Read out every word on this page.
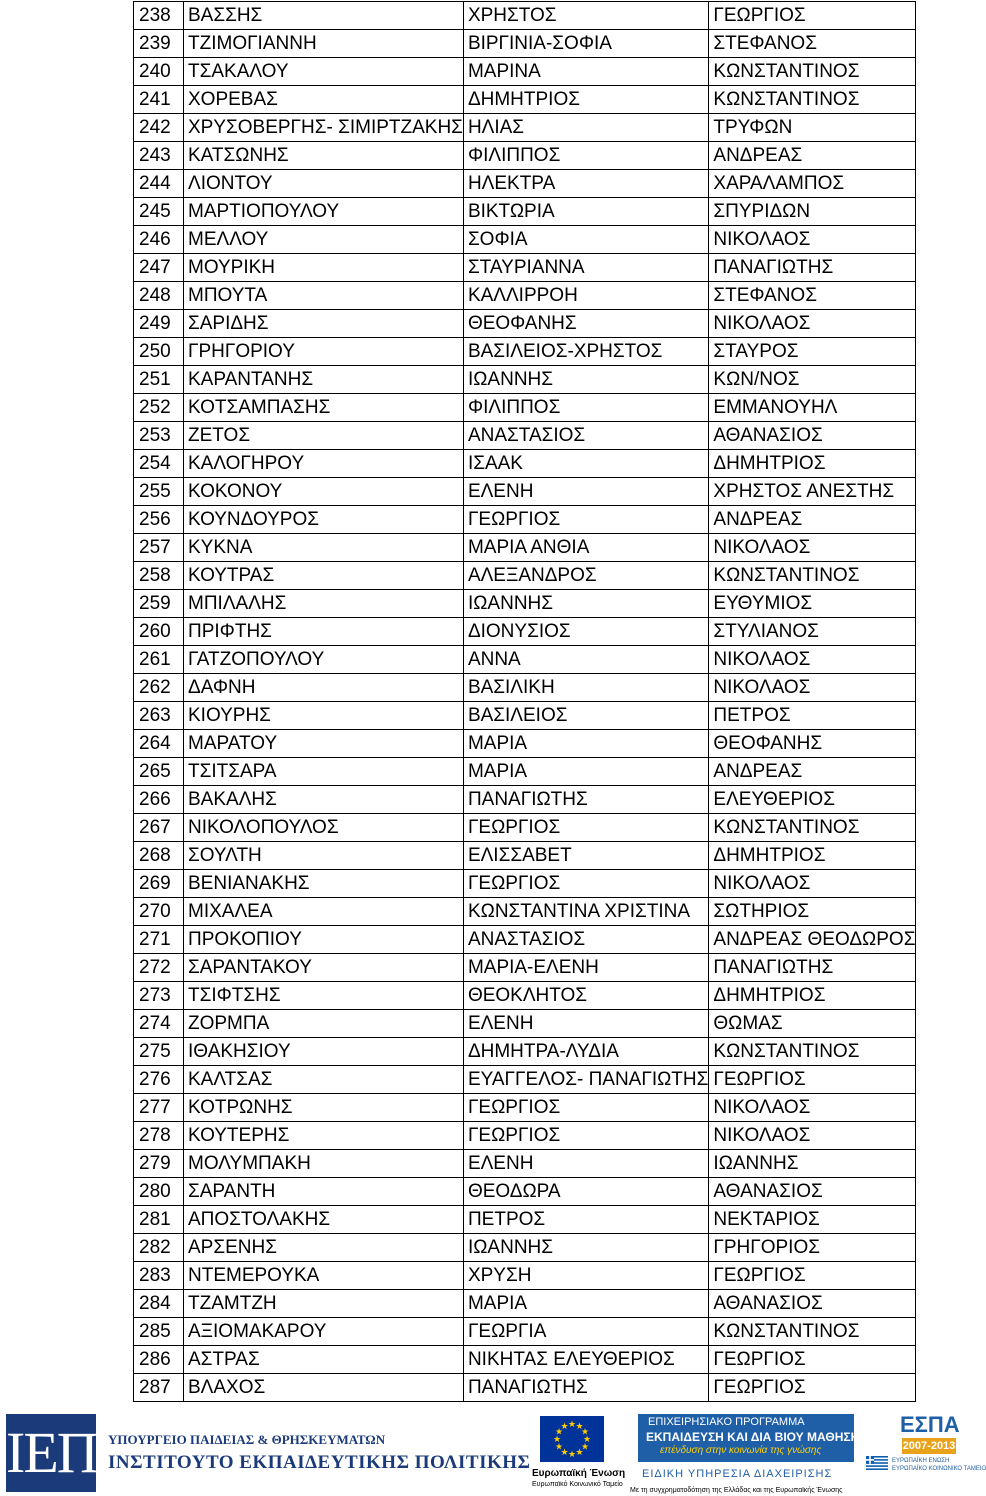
238	ΒΑΣΣΗΣ	ΧΡΗΣΤΟΣ	ΓΕΩΡΓΙΟΣ
239	ΤΖΙΜΟΓΙΑΝΝΗ	ΒΙΡΓΙΝΙΑ-ΣΟΦΙΑ	ΣΤΕΦΑΝΟΣ
240	ΤΣΑΚΑΛΟΥ	ΜΑΡΙΝΑ	ΚΩΝΣΤΑΝΤΙΝΟΣ
241	ΧΟΡΕΒΑΣ	ΔΗΜΗΤΡΙΟΣ	ΚΩΝΣΤΑΝΤΙΝΟΣ
242	ΧΡΥΣΟΒΕΡΓΗΣ- ΣΙΜΙΡΤΖΑΚΗΣ	ΗΛΙΑΣ	ΤΡΥΦΩΝ
243	ΚΑΤΣΩΝΗΣ	ΦΙΛΙΠΠΟΣ	ΑΝΔΡΕΑΣ
244	ΛΙΟΝΤΟΥ	ΗΛΕΚΤΡΑ	ΧΑΡΑΛΑΜΠΟΣ
245	ΜΑΡΤΙΟΠΟΥΛΟΥ	ΒΙΚΤΩΡΙΑ	ΣΠΥΡΙΔΩΝ
246	ΜΕΛΛΟΥ	ΣΟΦΙΑ	ΝΙΚΟΛΑΟΣ
247	ΜΟΥΡΙΚΗ	ΣΤΑΥΡΙΑΝΝΑ	ΠΑΝΑΓΙΩΤΗΣ
248	ΜΠΟΥΤΑ	ΚΑΛΛΙΡΡΟΗ	ΣΤΕΦΑΝΟΣ
249	ΣΑΡΙΔΗΣ	ΘΕΟΦΑΝΗΣ	ΝΙΚΟΛΑΟΣ
250	ΓΡΗΓΟΡΙΟΥ	ΒΑΣΙΛΕΙΟΣ-ΧΡΗΣΤΟΣ	ΣΤΑΥΡΟΣ
251	ΚΑΡΑΝΤΑΝΗΣ	ΙΩΑΝΝΗΣ	ΚΩΝ/ΝΟΣ
252	ΚΟΤΣΑΜΠΑΣΗΣ	ΦΙΛΙΠΠΟΣ	ΕΜΜΑΝΟΥΗΛ
253	ΖΕΤΟΣ	ΑΝΑΣΤΑΣΙΟΣ	ΑΘΑΝΑΣΙΟΣ
254	ΚΑΛΟΓΗΡΟΥ	ΙΣΑΑΚ	ΔΗΜΗΤΡΙΟΣ
255	ΚΟΚΟΝΟΥ	ΕΛΕΝΗ	ΧΡΗΣΤΟΣ ΑΝΕΣΤΗΣ
256	ΚΟΥΝΔΟΥΡΟΣ	ΓΕΩΡΓΙΟΣ	ΑΝΔΡΕΑΣ
257	ΚΥΚΝΑ	ΜΑΡΙΑ ΑΝΘΙΑ	ΝΙΚΟΛΑΟΣ
258	ΚΟΥΤΡΑΣ	ΑΛΕΞΑΝΔΡΟΣ	ΚΩΝΣΤΑΝΤΙΝΟΣ
259	ΜΠΙΛΑΛΗΣ	ΙΩΑΝΝΗΣ	ΕΥΘΥΜΙΟΣ
260	ΠΡΙΦΤΗΣ	ΔΙΟΝΥΣΙΟΣ	ΣΤΥΛΙΑΝΟΣ
261	ΓΑΤΖΟΠΟΥΛΟΥ	ΑΝΝΑ	ΝΙΚΟΛΑΟΣ
262	ΔΑΦΝΗ	ΒΑΣΙΛΙΚΗ	ΝΙΚΟΛΑΟΣ
263	ΚΙΟΥΡΗΣ	ΒΑΣΙΛΕΙΟΣ	ΠΕΤΡΟΣ
264	ΜΑΡΑΤΟΥ	ΜΑΡΙΑ	ΘΕΟΦΑΝΗΣ
265	ΤΣΙΤΣΑΡΑ	ΜΑΡΙΑ	ΑΝΔΡΕΑΣ
266	ΒΑΚΑΛΗΣ	ΠΑΝΑΓΙΩΤΗΣ	ΕΛΕΥΘΕΡΙΟΣ
267	ΝΙΚΟΛΟΠΟΥΛΟΣ	ΓΕΩΡΓΙΟΣ	ΚΩΝΣΤΑΝΤΙΝΟΣ
268	ΣΟΥΛΤΗ	ΕΛΙΣΣΑΒΕΤ	ΔΗΜΗΤΡΙΟΣ
269	ΒΕΝΙΑΝΑΚΗΣ	ΓΕΩΡΓΙΟΣ	ΝΙΚΟΛΑΟΣ
270	ΜΙΧΑΛΕΑ	ΚΩΝΣΤΑΝΤΙΝΑ ΧΡΙΣΤΙΝΑ	ΣΩΤΗΡΙΟΣ
271	ΠΡΟΚΟΠΙΟΥ	ΑΝΑΣΤΑΣΙΟΣ	ΑΝΔΡΕΑΣ ΘΕΟΔΩΡΟΣ
272	ΣΑΡΑΝΤΑΚΟΥ	ΜΑΡΙΑ-ΕΛΕΝΗ	ΠΑΝΑΓΙΩΤΗΣ
273	ΤΣΙΦΤΣΗΣ	ΘΕΟΚΛΗΤΟΣ	ΔΗΜΗΤΡΙΟΣ
274	ΖΟΡΜΠΑ	ΕΛΕΝΗ	ΘΩΜΑΣ
275	ΙΘΑΚΗΣΙΟΥ	ΔΗΜΗΤΡΑ-ΛΥΔΙΑ	ΚΩΝΣΤΑΝΤΙΝΟΣ
276	ΚΑΛΤΣΑΣ	ΕΥΑΓΓΕΛΟΣ- ΠΑΝΑΓΙΩΤΗΣ	ΓΕΩΡΓΙΟΣ
277	ΚΟΤΡΩΝΗΣ	ΓΕΩΡΓΙΟΣ	ΝΙΚΟΛΑΟΣ
278	ΚΟΥΤΕΡΗΣ	ΓΕΩΡΓΙΟΣ	ΝΙΚΟΛΑΟΣ
279	ΜΟΛΥΜΠΑΚΗ	ΕΛΕΝΗ	ΙΩΑΝΝΗΣ
280	ΣΑΡΑΝΤΗ	ΘΕΟΔΩΡΑ	ΑΘΑΝΑΣΙΟΣ
281	ΑΠΟΣΤΟΛΑΚΗΣ	ΠΕΤΡΟΣ	ΝΕΚΤΑΡΙΟΣ
282	ΑΡΣΕΝΗΣ	ΙΩΑΝΝΗΣ	ΓΡΗΓΟΡΙΟΣ
283	ΝΤΕΜΕΡΟΥΚΑ	ΧΡΥΣΗ	ΓΕΩΡΓΙΟΣ
284	ΤΖΑΜΤΖΗ	ΜΑΡΙΑ	ΑΘΑΝΑΣΙΟΣ
285	ΑΞΙΟΜΑΚΑΡΟΥ	ΓΕΩΡΓΙΑ	ΚΩΝΣΤΑΝΤΙΝΟΣ
286	ΑΣΤΡΑΣ	ΝΙΚΗΤΑΣ ΕΛΕΥΘΕΡΙΟΣ	ΓΕΩΡΓΙΟΣ
287	ΒΛΑΧΟΣ	ΠΑΝΑΓΙΩΤΗΣ	ΓΕΩΡΓΙΟΣ
ΙΕΠ ΥΠΟΥΡΓΕΙΟ ΠΑΙΔΕΙΑΣ & ΘΡΗΣΚΕΥΜΑΤΩΝ
ΙΝΣΤΙΤΟΥΤΟ ΕΚΠΑΙΔΕΥΤΙΚΗΣ ΠΟΛΙΤΙΚΗΣ
★
★
★
★
★
★
★
★
★ ★ ★
★
Ευρωπαϊκή Ένωση
Ευρωπαϊκό Κοινωνικό Ταμείο
ΕΠΙΧΕΙΡΗΣΙΑΚΟ ΠΡΟΓΡΑΜΜΑ
ΕΚΠΑΙΔΕΥΣΗ ΚΑΙ ΔΙΑ ΒΙΟΥ ΜΑΘΗΣΗ
επένδυση στην κοινωνία της γνώσης
ΕΙΔΙΚΗ ΥΠΗΡΕΣΙΑ ΔΙΑΧΕΙΡΙΣΗΣ
Με τη συγχρηματοδότηση της Ελλάδας και της Ευρωπαϊκής Ένωσης
ΕΣΠΑ
2007-2013
ΕΥΡΩΠΑΪΚΗ ΕΝΩΣΗ
ΕΥΡΩΠΑΪΚΟ ΚΟΙΝΩΝΙΚΟ ΤΑΜΕΙΟ
